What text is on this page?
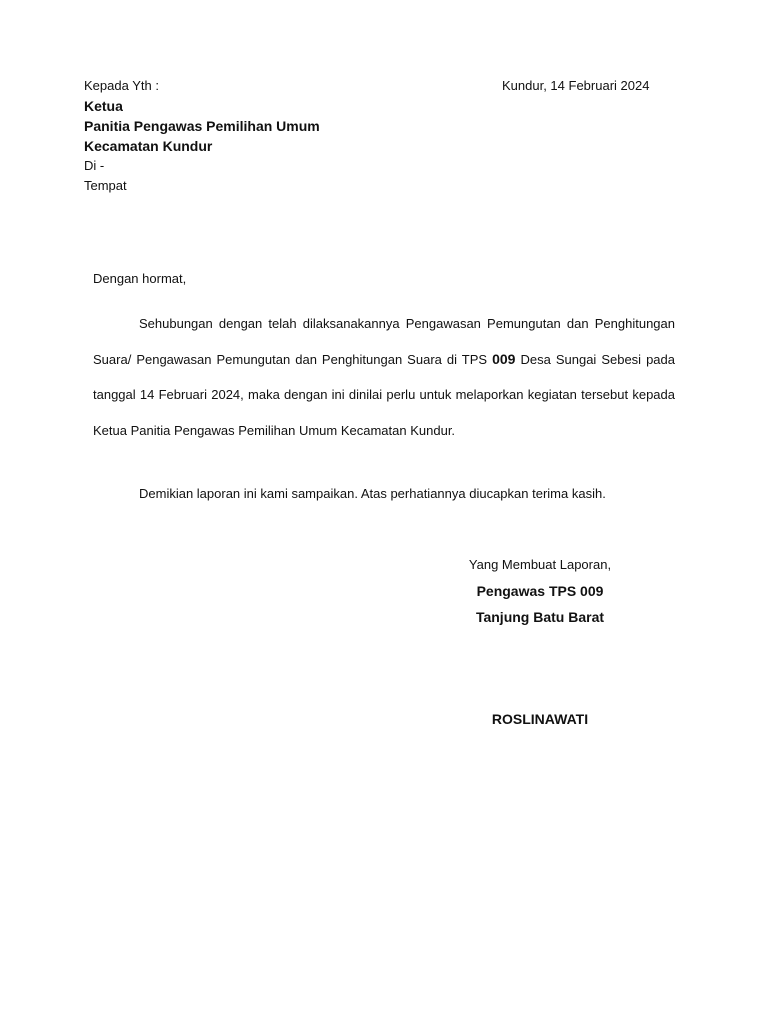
Kepada Yth :
Ketua
Panitia Pengawas Pemilihan Umum
Kecamatan Kundur
Di -
Tempat
Kundur, 14 Februari 2024
Dengan hormat,

Sehubungan dengan telah dilaksanakannya Pengawasan Pemungutan dan Penghitungan Suara/ Pengawasan Pemungutan dan Penghitungan Suara di TPS 009 Desa Sungai Sebesi pada tanggal 14 Februari 2024, maka dengan ini dinilai perlu untuk melaporkan kegiatan tersebut kepada Ketua Panitia Pengawas Pemilihan Umum Kecamatan Kundur.

Demikian laporan ini kami sampaikan. Atas perhatiannya diucapkan terima kasih.

Yang Membuat Laporan,
Pengawas TPS 009
Tanjung Batu Barat
ROSLINAWATI
